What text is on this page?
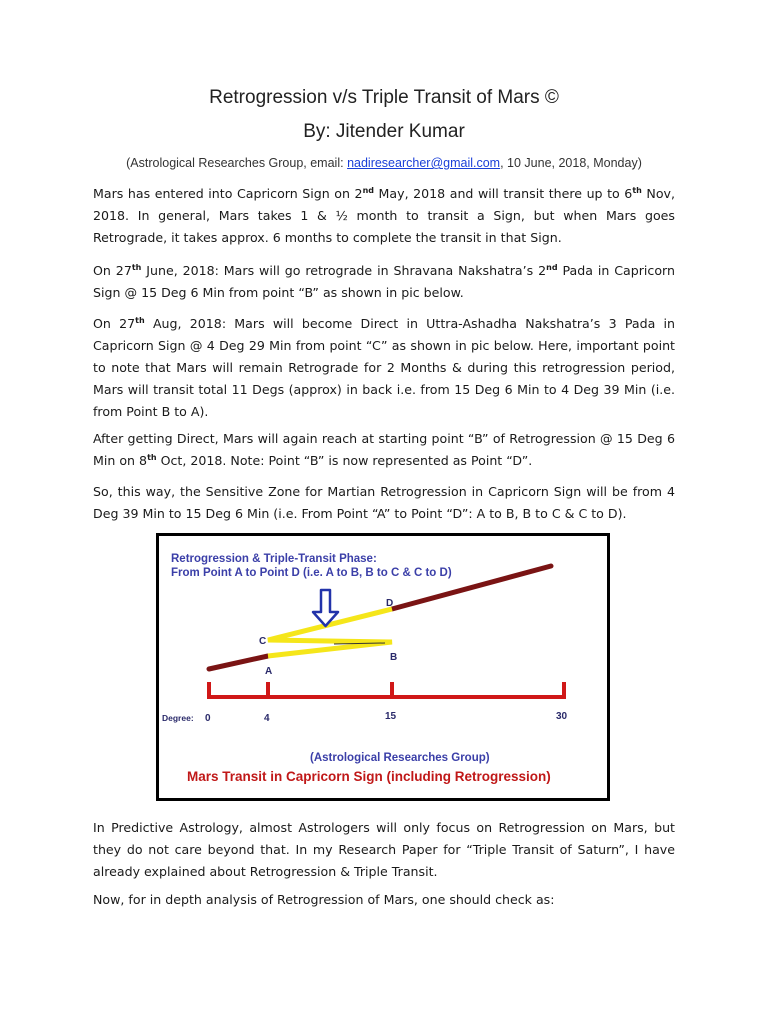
Retrogression v/s Triple Transit of Mars ©
By: Jitender Kumar
(Astrological Researches Group, email: nadiresearcher@gmail.com, 10 June, 2018, Monday)

Mars has entered into Capricorn Sign on 2nd May, 2018 and will transit there up to 6th Nov, 2018. In general, Mars takes 1 & ½ month to transit a Sign, but when Mars goes Retrograde, it takes approx. 6 months to complete the transit in that Sign.

On 27th June, 2018: Mars will go retrograde in Shravana Nakshatra’s 2nd Pada in Capricorn Sign @ 15 Deg 6 Min from point “B” as shown in pic below.

On 27th Aug, 2018: Mars will become Direct in Uttra-Ashadha Nakshatra’s 3 Pada in Capricorn Sign @ 4 Deg 29 Min from point “C” as shown in pic below. Here, important point to note that Mars will remain Retrograde for 2 Months & during this retrogression period, Mars will transit total 11 Degs (approx) in back i.e. from 15 Deg 6 Min to 4 Deg 39 Min (i.e. from Point B to A).

After getting Direct, Mars will again reach at starting point “B” of Retrogression @ 15 Deg 6 Min on 8th Oct, 2018. Note: Point “B” is now represented as Point “D”.

So, this way, the Sensitive Zone for Martian Retrogression in Capricorn Sign will be from 4 Deg 39 Min to 15 Deg 6 Min (i.e. From Point “A” to Point “D”: A to B, B to C & C to D).

Retrogression & Triple-Transit Phase:
From Point A to Point D (i.e. A to B, B to C & C to D)
D
C
B
A
Degree: 0	4	15	30
(Astrological Researches Group)
Mars Transit in Capricorn Sign (including Retrogression)

In Predictive Astrology, almost Astrologers will only focus on Retrogression on Mars, but they do not care beyond that. In my Research Paper for “Triple Transit of Saturn”, I have already explained about Retrogression & Triple Transit.

Now, for in depth analysis of Retrogression of Mars, one should check as:
